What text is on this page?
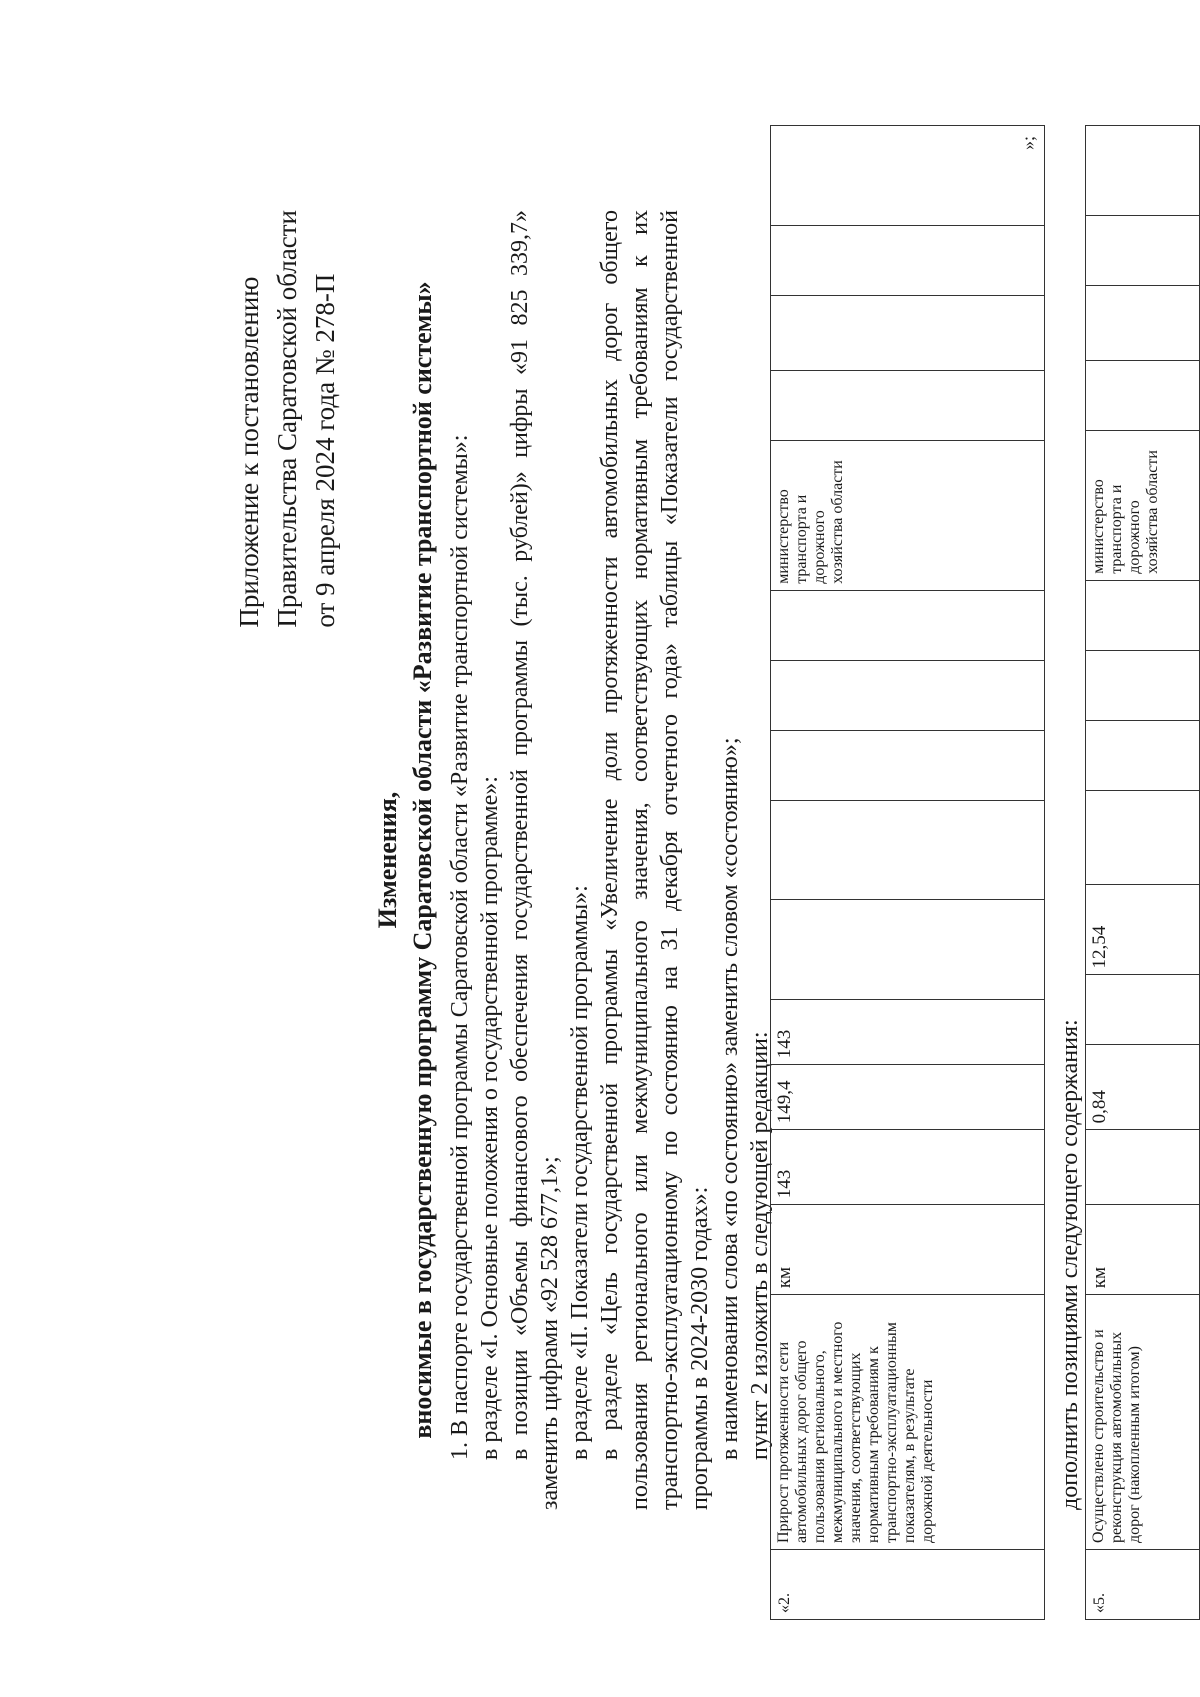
Приложение к постановлению Правительства Саратовской области от 9 апреля 2024 года № 278-П
Изменения, вносимые в государственную программу Саратовской области «Развитие транспортной системы» 1. В паспорте государственной программы Саратовской области «Развитие транспортной системы»: в разделе «I. Основные положения о государственной программе»: в позиции «Объемы финансового обеспечения государственной программы (тыс. рублей)» цифры «91 825 339,7» заменить цифрами «92 528 677,1»; в разделе «II. Показатели государственной программы»: в разделе «Цель государственной программы «Увеличение доли протяженности автомобильных дорог общего пользования регионального или межмуниципального значения, соответствующих нормативным требованиям к их транспортно-эксплуатационному по состоянию на 31 декабря отчетного года» таблицы «Показатели государственной программы в 2024-2030 годах»: в наименовании слова «по состоянию» заменить словом «состоянию»; пункт 2 изложить в следующей редакции:

«2.	Прирост протяженности сети автомобильных дорог общего пользования регионального, межмуниципального и местного значения, соответствующих нормативным требованиям к транспортно-эксплуатационным показателям, в результате дорожной деятельности	км	143	149,4	143						министерство транспорта и дорожного хозяйства области				
»;
дополнить позициями следующего содержания:
«5.	Осуществлено строительство и реконструкция автомобильных дорог (накопленным итогом)	км		0,84		12,54					министерство транспорта и дорожного хозяйства области				
